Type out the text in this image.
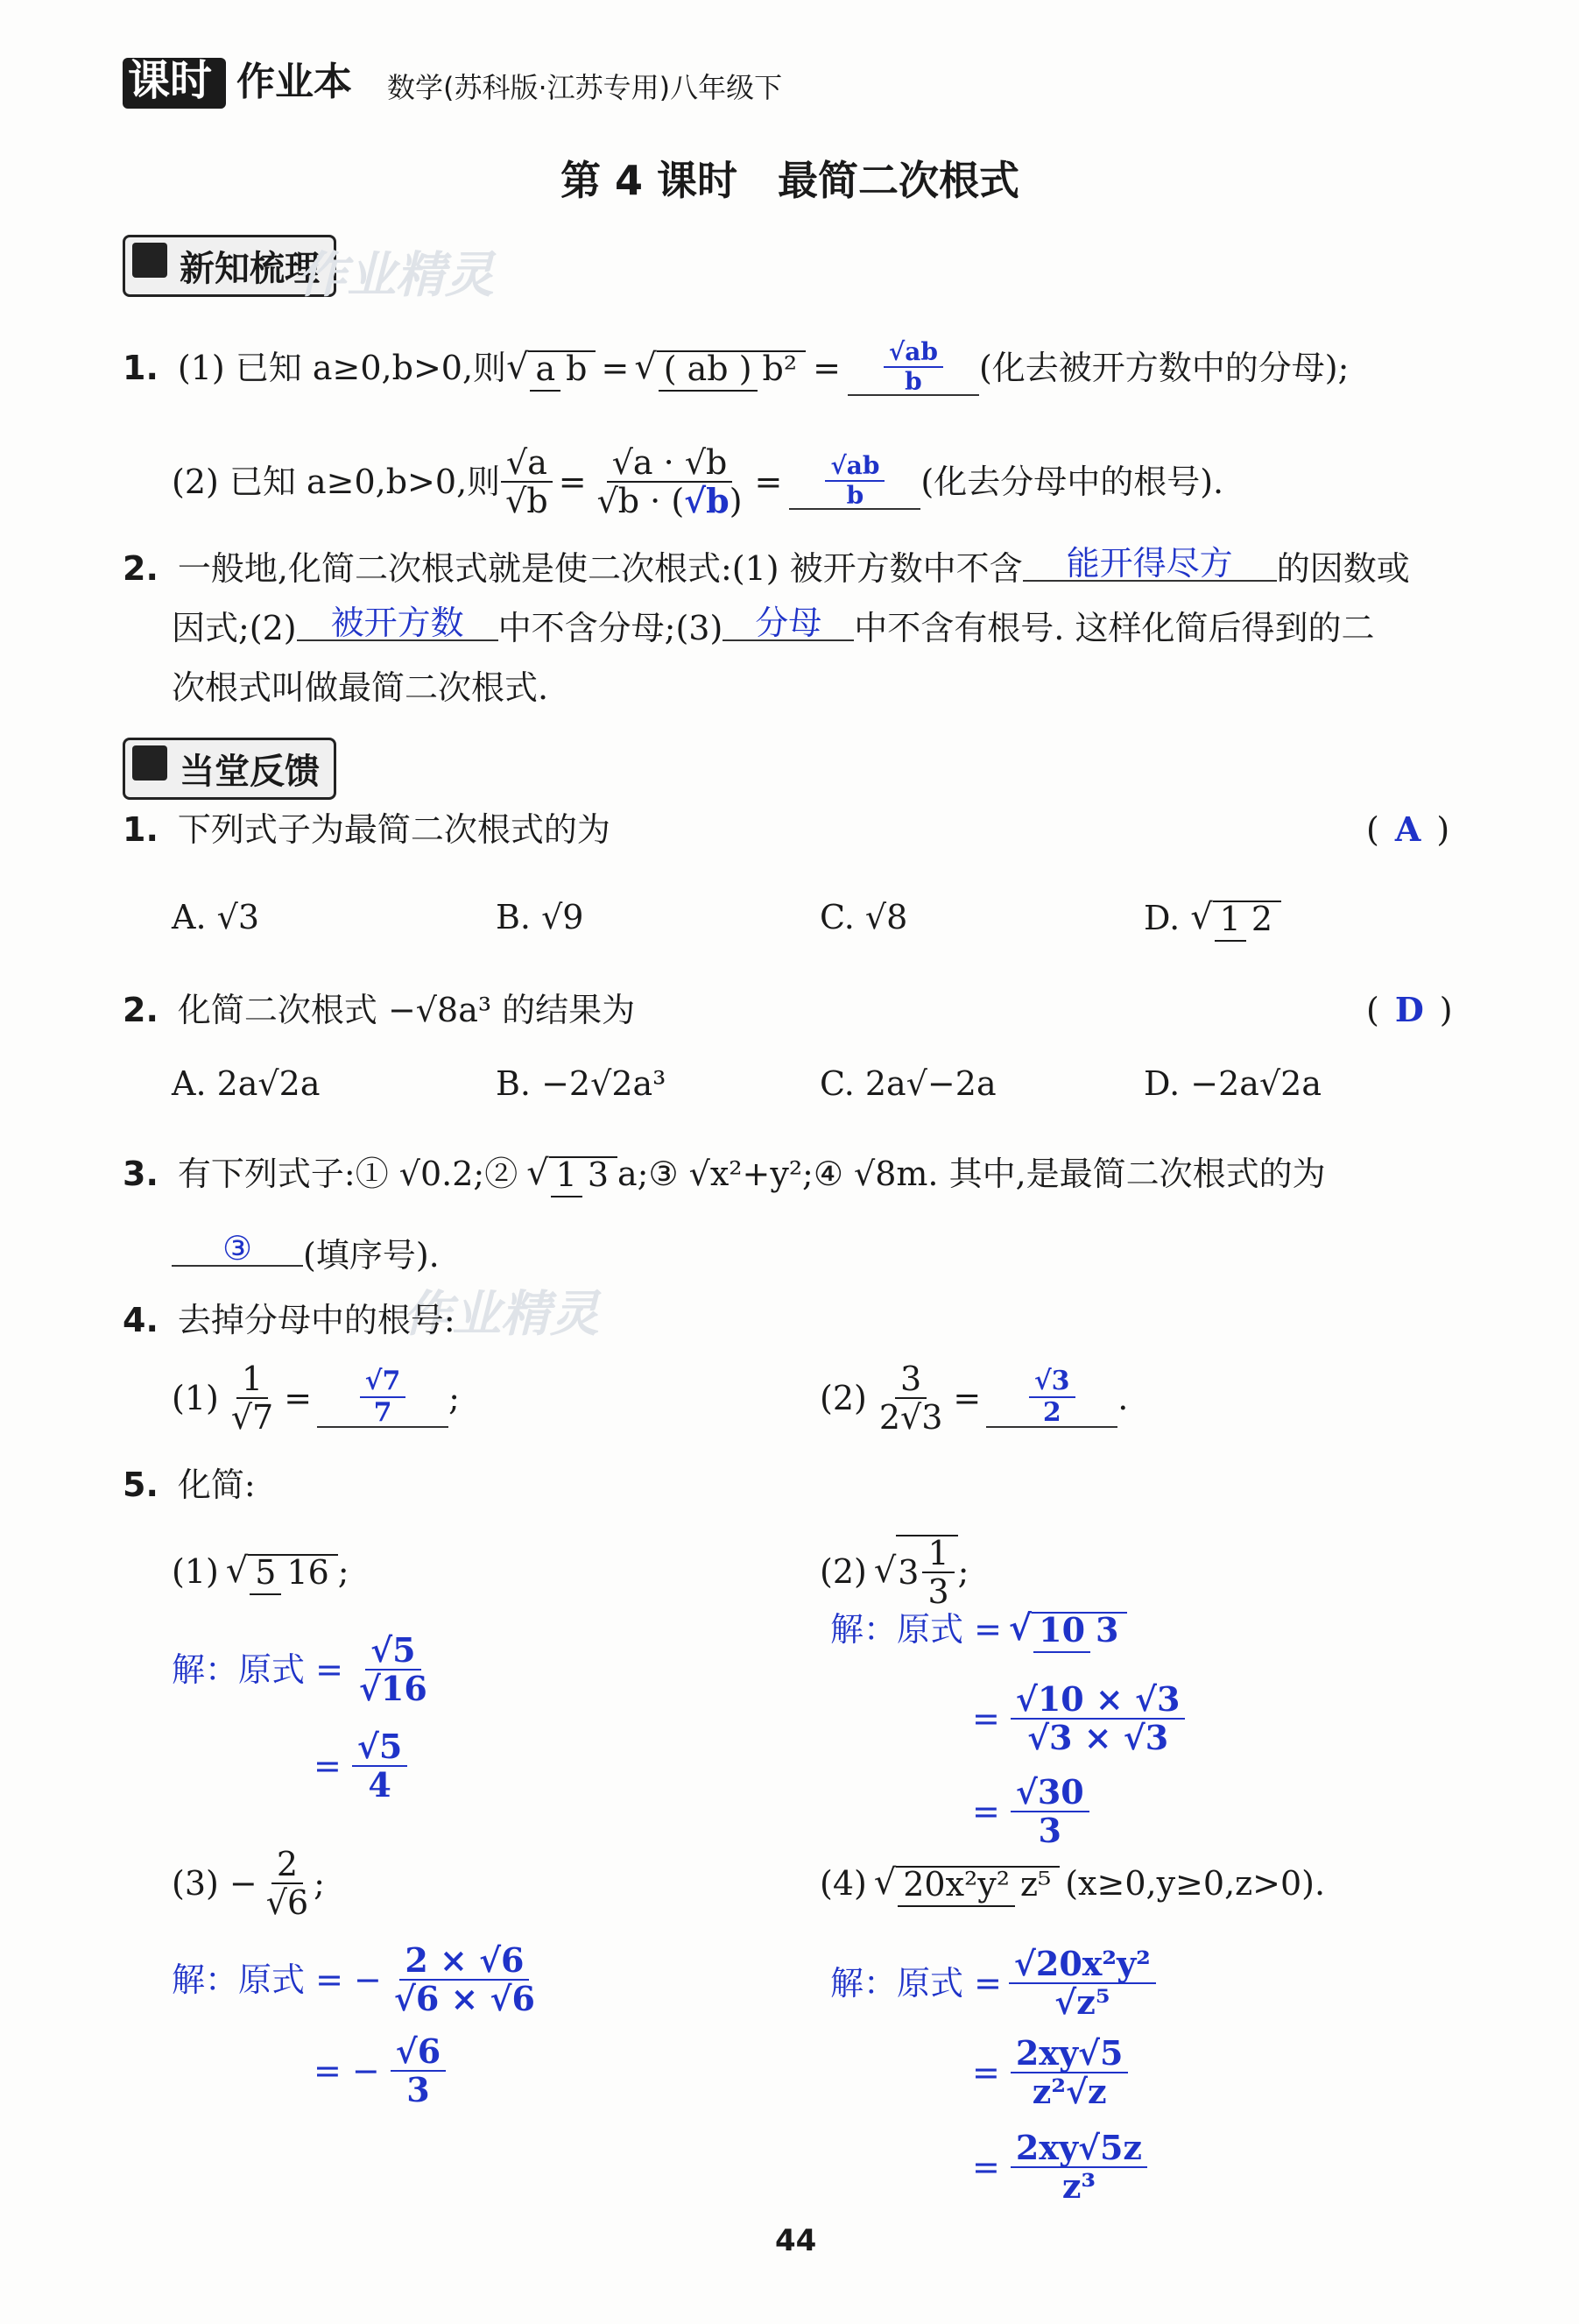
课时 作业本 数学(苏科版·江苏专用)八年级下
第 4 课时　最简二次根式
新知梳理
作业精灵
1. (1) 已知 a≥0,b>0,则 √ a b = √ ( ab ) $b^2 = \frac{√ab}{b}$ (化去被开方数中的分母);
(2) 已知 a≥0,b>0,则 $\frac{√a}{√b} = \frac{√a \cdot √b}{√b \cdot (√b)} = \frac{√ab}{b}$ (化去分母中的根号).
2. 一般地,化简二次根式就是使二次根式:(1) 被开方数中不含 能开得尽方 的因数或
因式;(2) 被开方数 中不含分母;(3) 分母 中不含有根号. 这样化简后得到的二
次根式叫做最简二次根式.
当堂反馈
1. 下列式子为最简二次根式的为	( A )
A. √3	B. √9	C. √8	D. √ 1 2
2. 化简二次根式 −√8a³ 的结果为	( D )
A. 2a√2a	B. −2√2a³	C. 2a√−2a	D. −2a√2a
3. 有下列式子:① √0.2;② √ 1 3 a;③ √x²+y²;④ √8m. 其中,是最简二次根式的为
③ (填序号).
作业精灵
4. 去掉分母中的根号:
$(1) \frac{1}{√7} = \frac{√7}{7}$ ;	$(2) \frac{3}{2√3} = \frac{√3}{2}$ .
5. 化简:
(1) √ 5 16 ;
解：原式 = $\frac{√5}{√16}$
= $\frac{√5}{4}$
(2) √ $3 \frac{1}{3}$ ;
解：原式 = √ 10 3
= $\frac{√10 \times √3}{√3 \times √3}$
= $\frac{√30}{3}$
$(3) - \frac{2}{√6}$ ;
解：原式 = − $\frac{2 \times √6}{√6 \times √6}$
= − $\frac{√6}{3}$
(4) √ 20x²y² z⁵ (x≥0,y≥0,z>0).
解：原式 = $\frac{\text{√20x²y²}}{\text{√z⁵}}$
= $\frac{2xy√5}{\text{z²√z}}$
= $\frac{2xy√5z}{\text{z³}}$
44
